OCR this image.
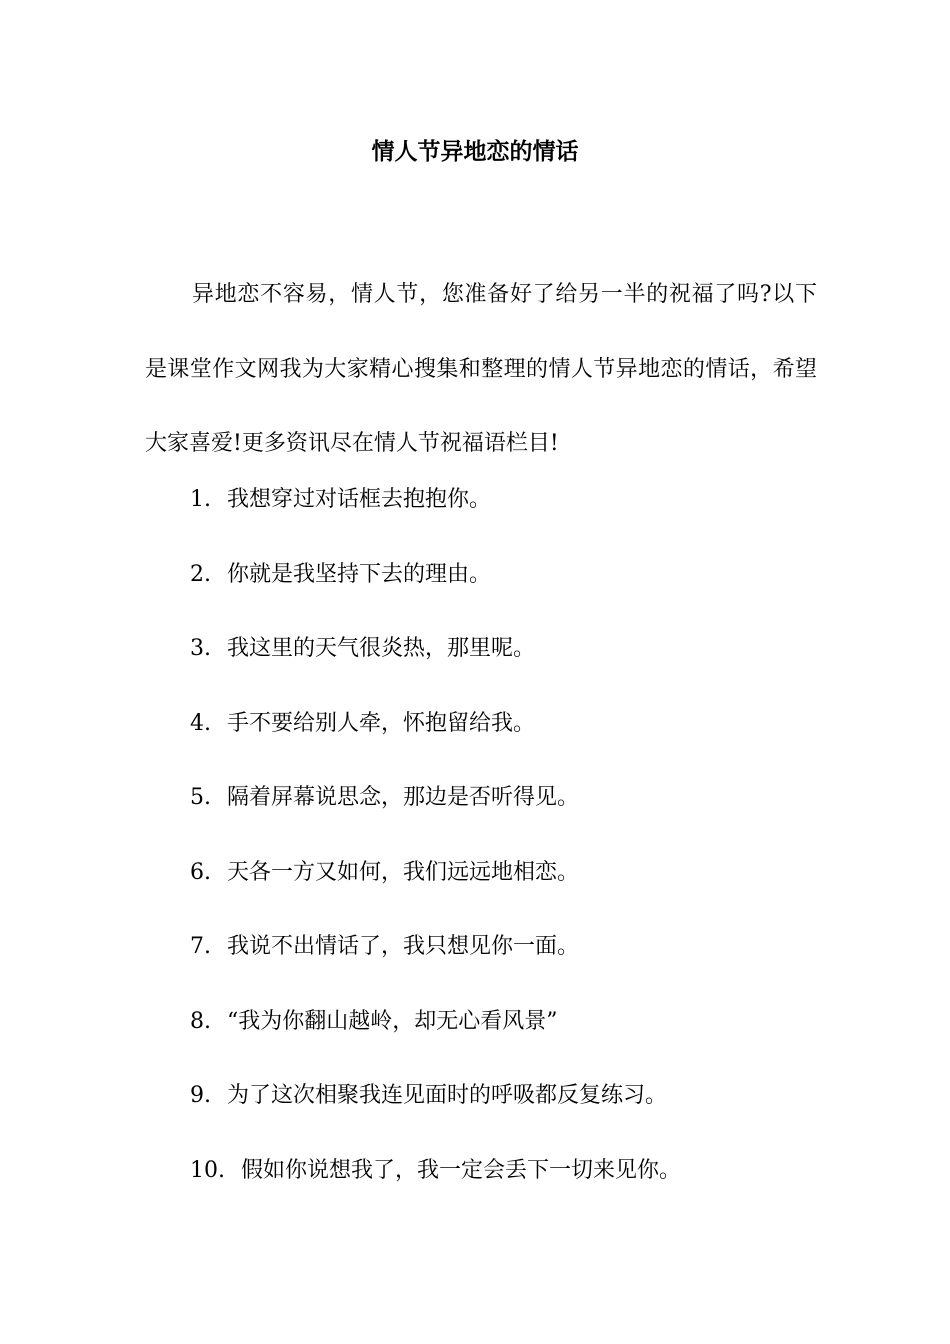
情人节异地恋的情话

异地恋不容易，情人节，您准备好了给另一半的祝福了吗?以下是课堂作文网我为大家精心搜集和整理的情人节异地恋的情话，希望大家喜爱!更多资讯尽在情人节祝福语栏目!

1. 我想穿过对话框去抱抱你。
2. 你就是我坚持下去的理由。
3. 我这里的天气很炎热，那里呢。
4. 手不要给别人牵，怀抱留给我。
5. 隔着屏幕说思念，那边是否听得见。
6. 天各一方又如何，我们远远地相恋。
7. 我说不出情话了，我只想见你一面。
8. “我为你翻山越岭，却无心看风景”
9. 为了这次相聚我连见面时的呼吸都反复练习。
10. 假如你说想我了，我一定会丢下一切来见你。
